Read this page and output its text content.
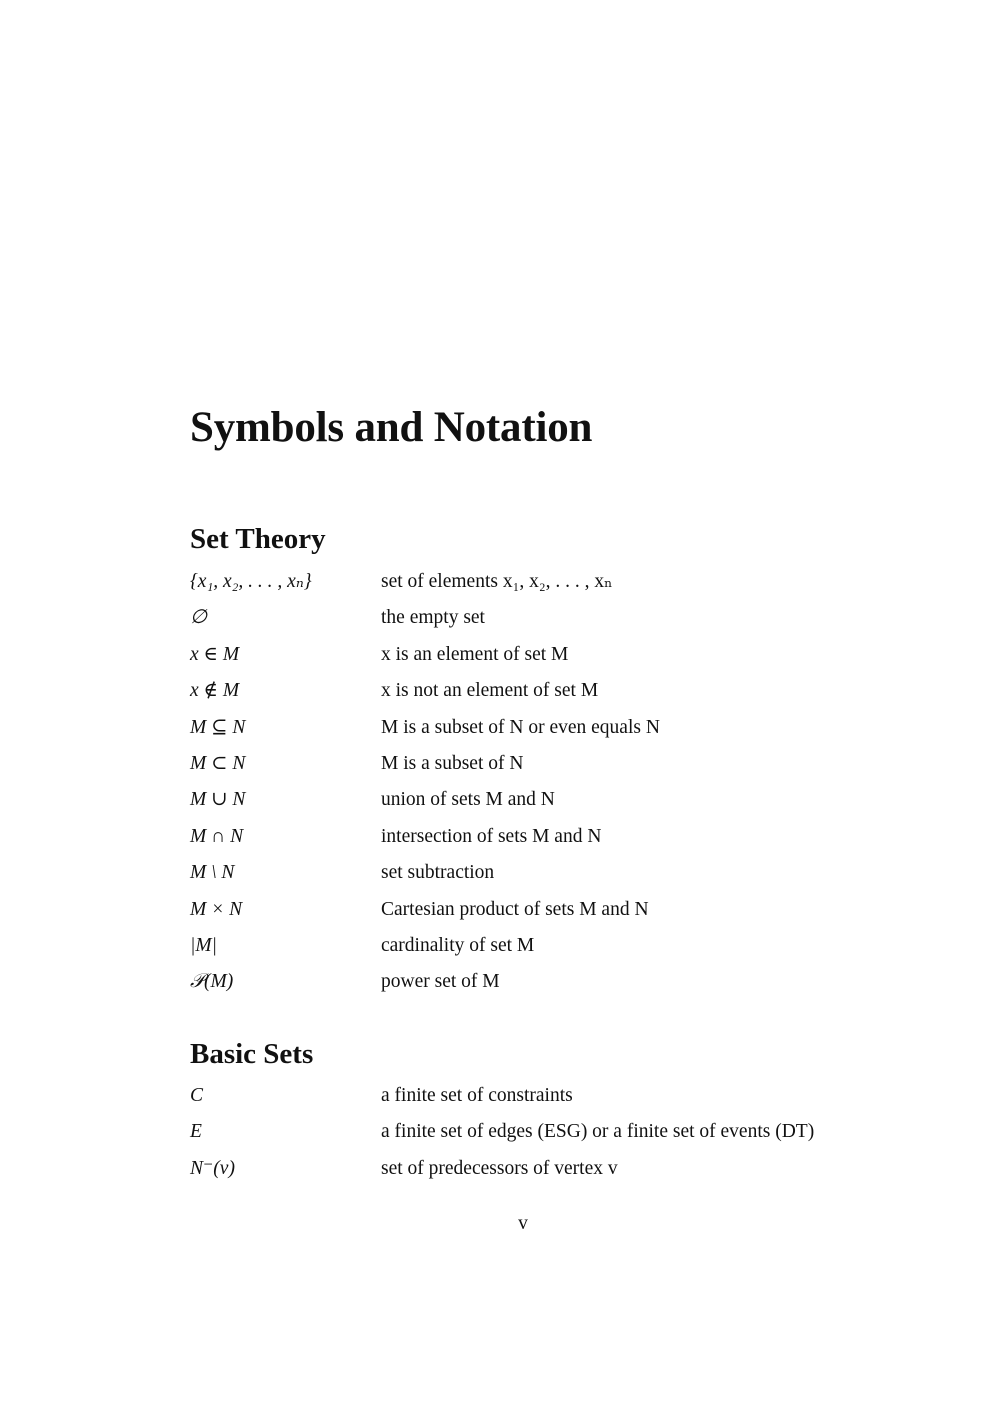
Symbols and Notation
Set Theory
{x₁, x₂, . . . , xₙ}	set of elements x₁, x₂, . . . , xₙ
∅	the empty set
x ∈ M	x is an element of set M
x ∉ M	x is not an element of set M
M ⊆ N	M is a subset of N or even equals N
M ⊂ N	M is a subset of N
M ∪ N	union of sets M and N
M ∩ N	intersection of sets M and N
M \ N	set subtraction
M × N	Cartesian product of sets M and N
|M|	cardinality of set M
𝒫(M)	power set of M
Basic Sets
C	a finite set of constraints
E	a finite set of edges (ESG) or a finite set of events (DT)
N⁻(v)	set of predecessors of vertex v
v
